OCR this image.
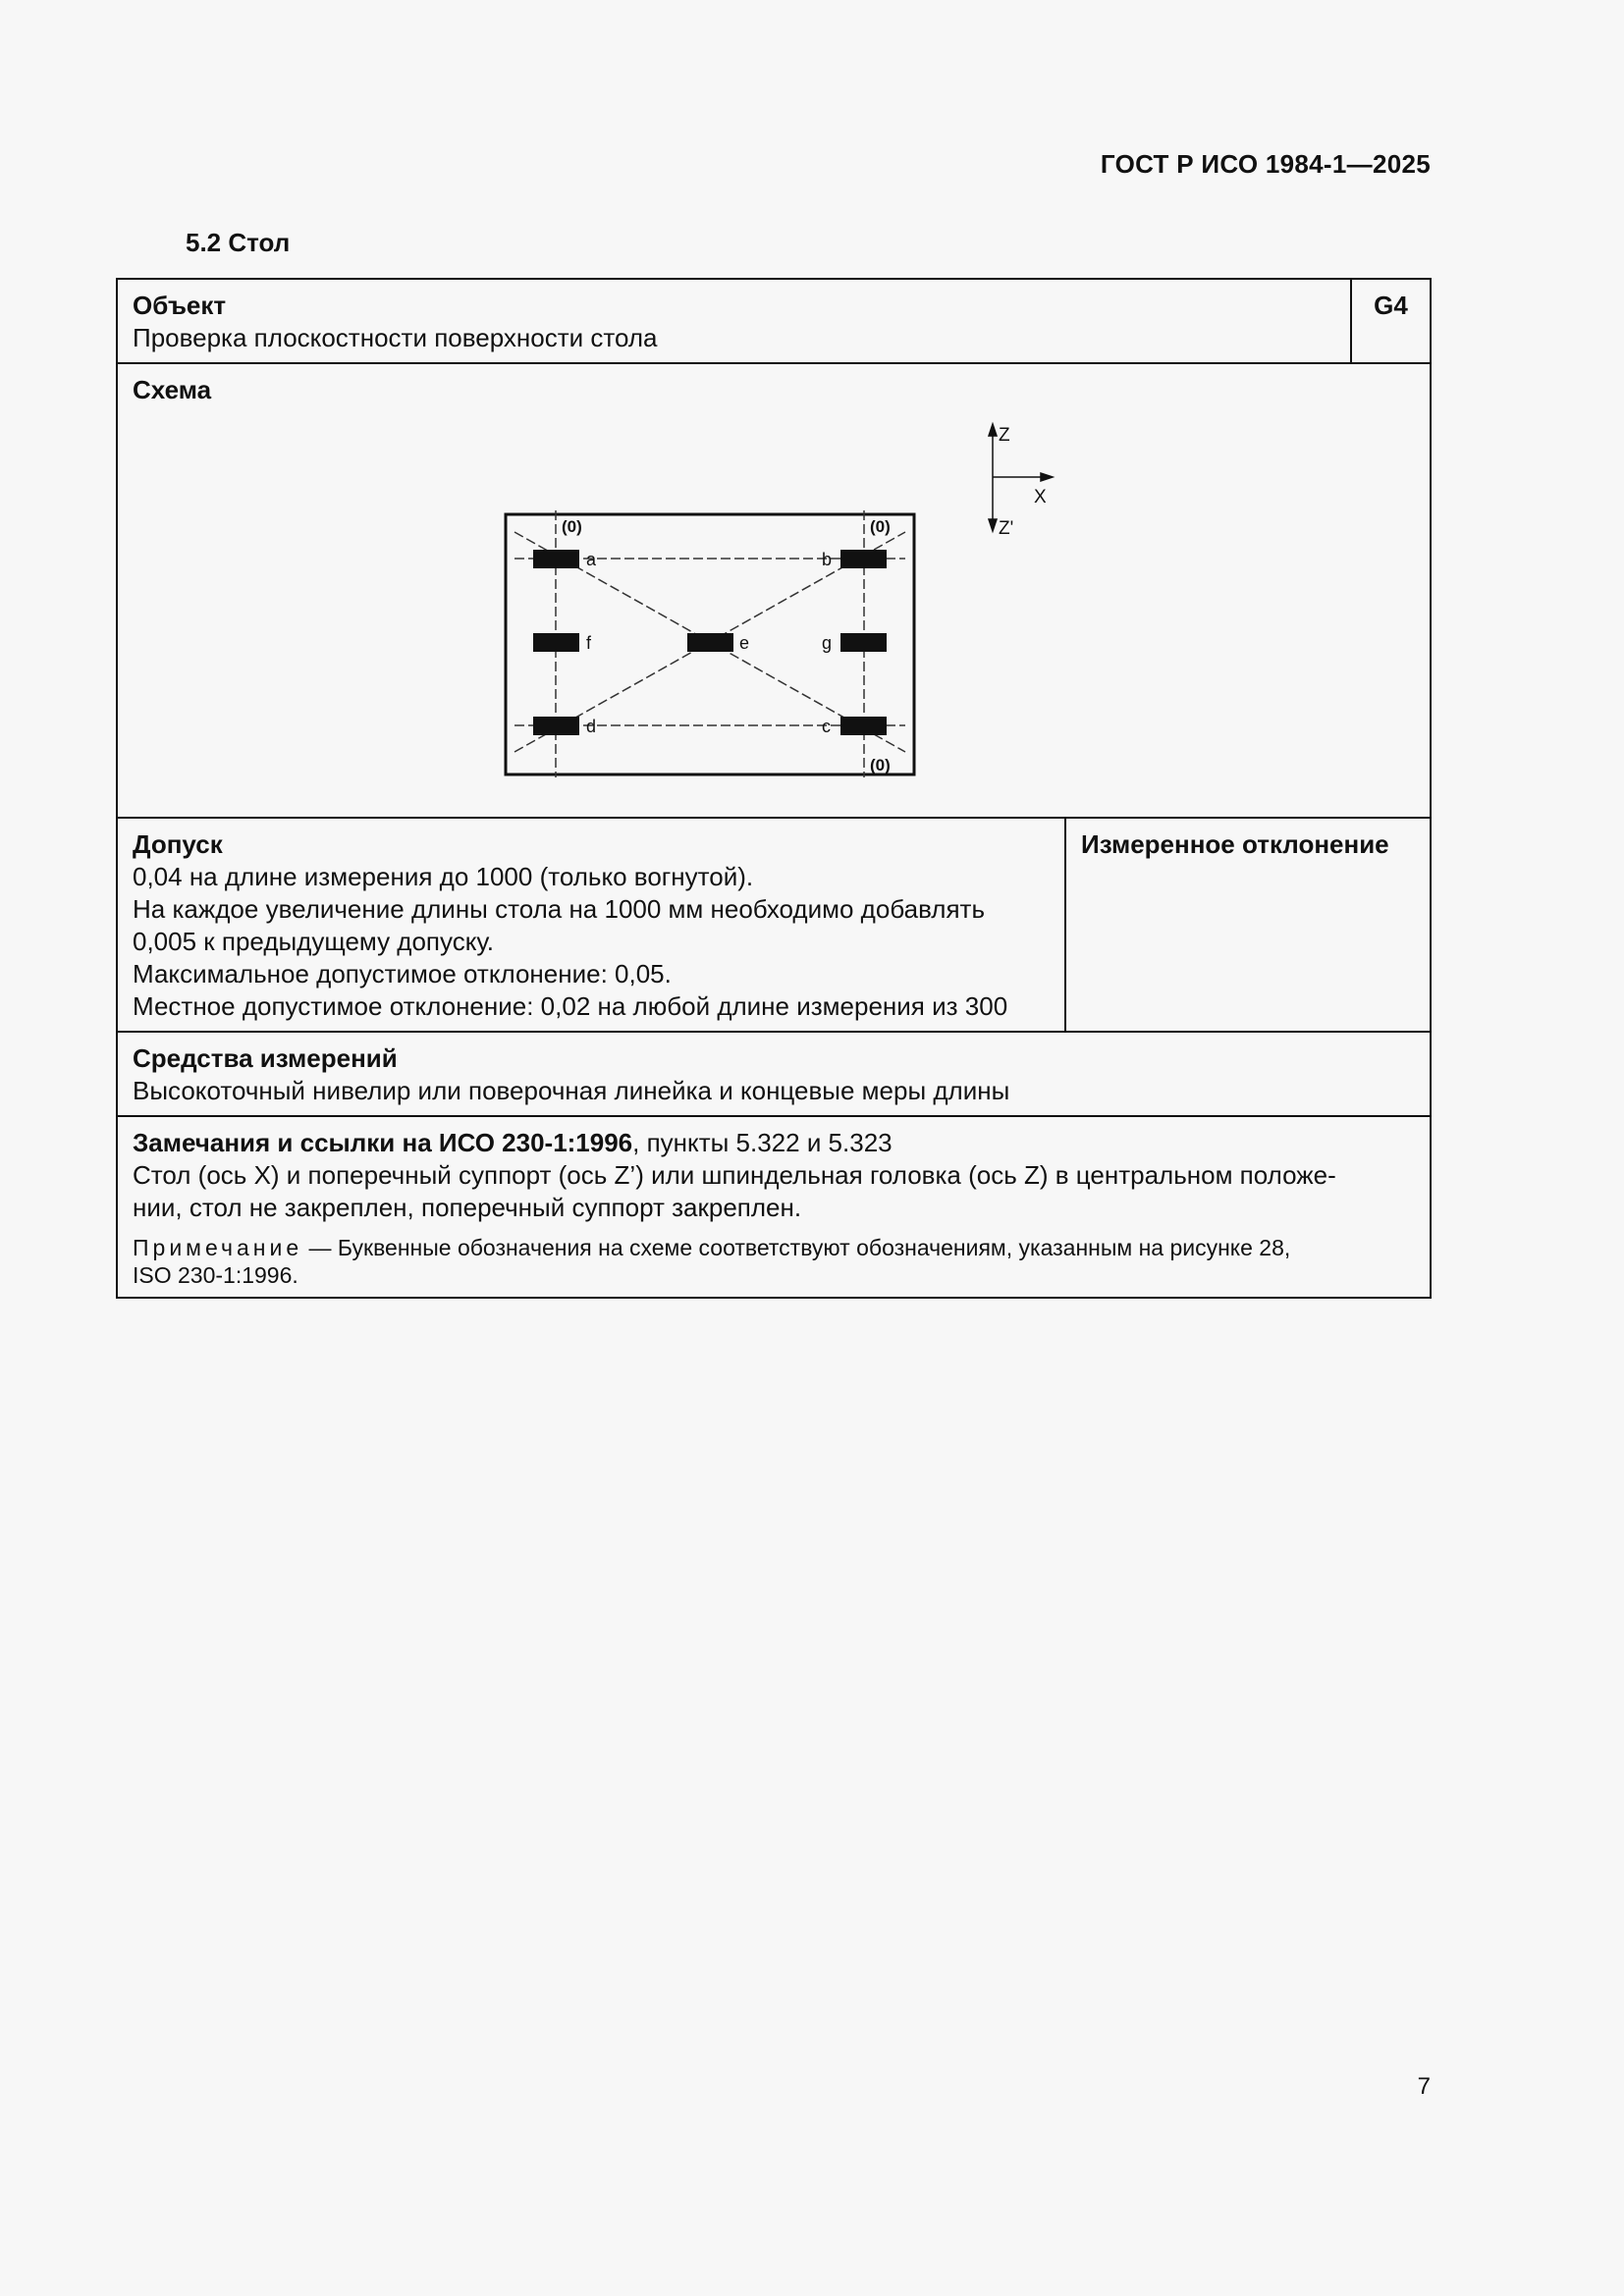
ГОСТ Р ИСО 1984-1—2025
5.2 Стол
Объект
Проверка плоскостности поверхности стола
G4
Схема
a	b
f	e	g
d	c
(0)	(0)
(0)
Z
X
Z'
Допуск
0,04 на длине измерения до 1000 (только вогнутой).
На каждое увеличение длины стола на 1000 мм необходимо добавлять
0,005 к предыдущему допуску.
Максимальное допустимое отклонение: 0,05.
Местное допустимое отклонение: 0,02 на любой длине измерения из 300
Измеренное отклонение
Средства измерений
Высокоточный нивелир или поверочная линейка и концевые меры длины
Замечания и ссылки на ИСО 230-1:1996, пункты 5.322 и 5.323
Стол (ось X) и поперечный суппорт (ось Z’) или шпиндельная головка (ось Z) в центральном положе-
нии, стол не закреплен, поперечный суппорт закреплен.
Примечание — Буквенные обозначения на схеме соответствуют обозначениям, указанным на рисунке 28,
ISO 230-1:1996.
7
